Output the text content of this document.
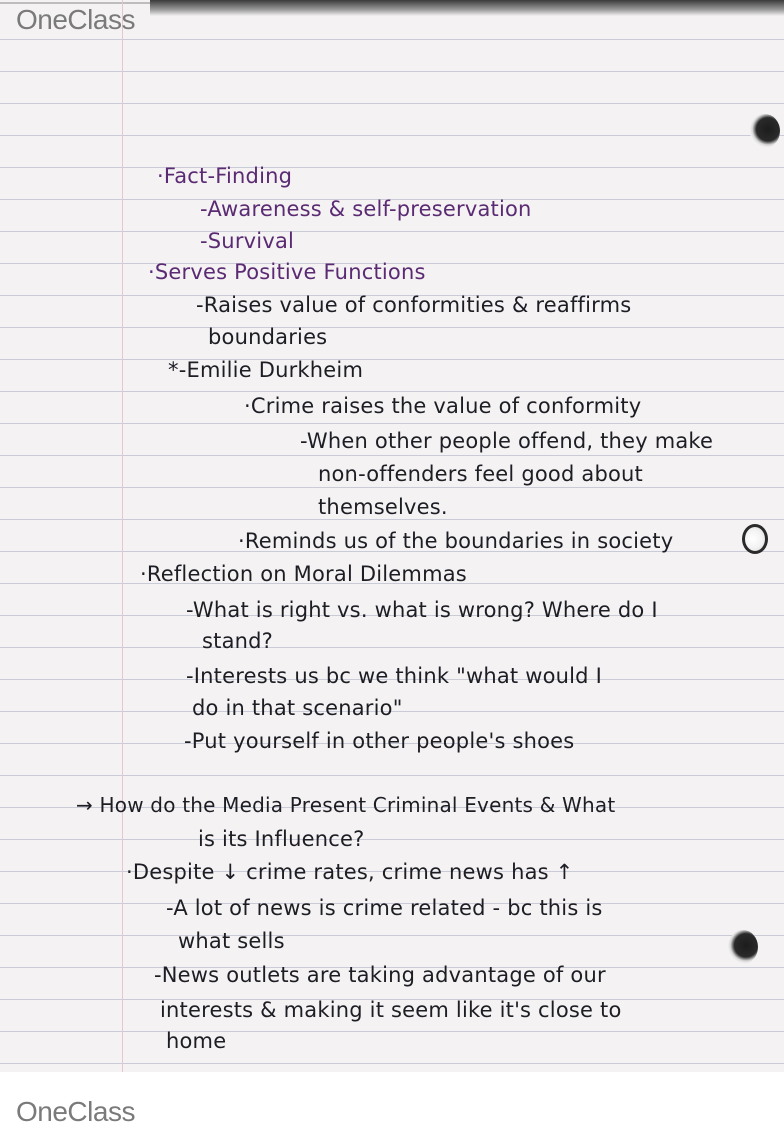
·Fact-Finding
-Awareness & self-preservation
-Survival
·Serves Positive Functions
-Raises value of conformities & reaffirms
boundaries
*-Emilie Durkheim
·Crime raises the value of conformity
-When other people offend, they make
non-offenders feel good about
themselves.
·Reminds us of the boundaries in society
·Reflection on Moral Dilemmas
-What is right vs. what is wrong? Where do I
stand?
-Interests us bc we think "what would I
do in that scenario"
-Put yourself in other people's shoes
→ How do the Media Present Criminal Events & What
is its Influence?
·Despite ↓ crime rates, crime news has ↑
-A lot of news is crime related - bc this is
what sells
-News outlets are taking advantage of our
interests & making it seem like it's close to
home
OneClass
OneClass
